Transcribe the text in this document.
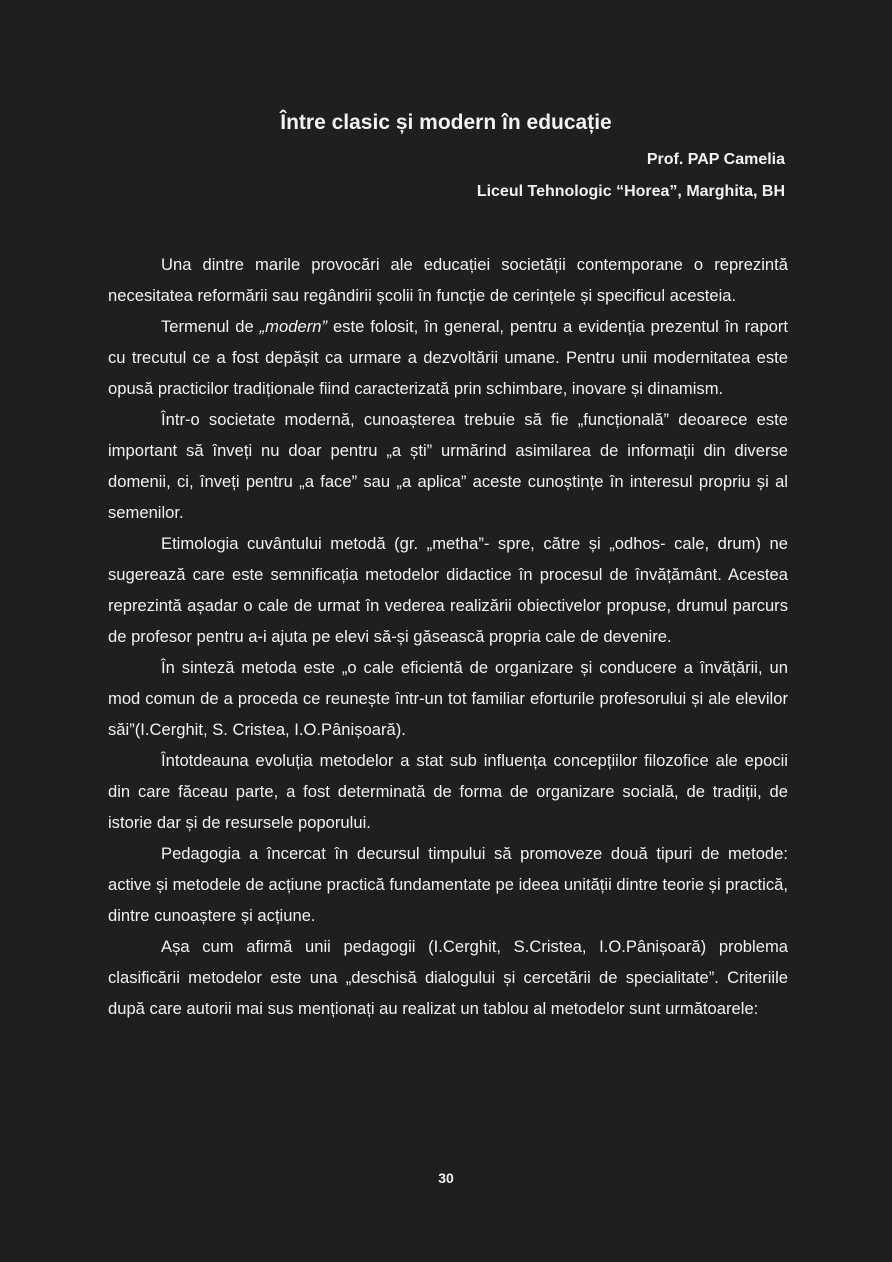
Între clasic și modern în educație

Prof. PAP Camelia

Liceul Tehnologic “Horea”, Marghita, BH

Una dintre marile provocări ale educației societății contemporane o reprezintă necesitatea reformării sau regândirii școlii în funcție de cerințele și specificul acesteia.

Termenul de „modern” este folosit, în general, pentru a evidenția prezentul în raport cu trecutul ce a fost depășit ca urmare a dezvoltării umane. Pentru unii modernitatea este opusă practicilor tradiționale fiind caracterizată prin schimbare, inovare și dinamism.

Într-o societate modernă, cunoașterea trebuie să fie „funcțională” deoarece este important să înveți nu doar pentru „a ști” urmărind asimilarea de informații din diverse domenii, ci, înveți pentru „a face” sau „a aplica” aceste cunoștințe în interesul propriu și al semenilor.

Etimologia cuvântului metodă (gr. „metha”- spre, către și „odhos- cale, drum) ne sugerează care este semnificația metodelor didactice în procesul de învățământ. Acestea reprezintă așadar o cale de urmat în vederea realizării obiectivelor propuse, drumul parcurs de profesor pentru a-i ajuta pe elevi să-și găsească propria cale de devenire.

În sinteză metoda este „o cale eficientă de organizare și conducere a învățării, un mod comun de a proceda ce reunește într-un tot familiar eforturile profesorului și ale elevilor săi”(I.Cerghit, S. Cristea, I.O.Pânișoară).

Întotdeauna evoluția metodelor a stat sub influența concepțiilor filozofice ale epocii din care făceau parte, a fost determinată de forma de organizare socială, de tradiții, de istorie dar și de resursele poporului.

Pedagogia a încercat în decursul timpului să promoveze două tipuri de metode: active și metodele de acțiune practică fundamentate pe ideea unității dintre teorie și practică, dintre cunoaștere și acțiune.

Așa cum afirmă unii pedagogii (I.Cerghit, S.Cristea, I.O.Pânișoară) problema clasificării metodelor este una „deschisă dialogului și cercetării de specialitate”. Criteriile după care autorii mai sus menționați au realizat un tablou al metodelor sunt următoarele:

30
